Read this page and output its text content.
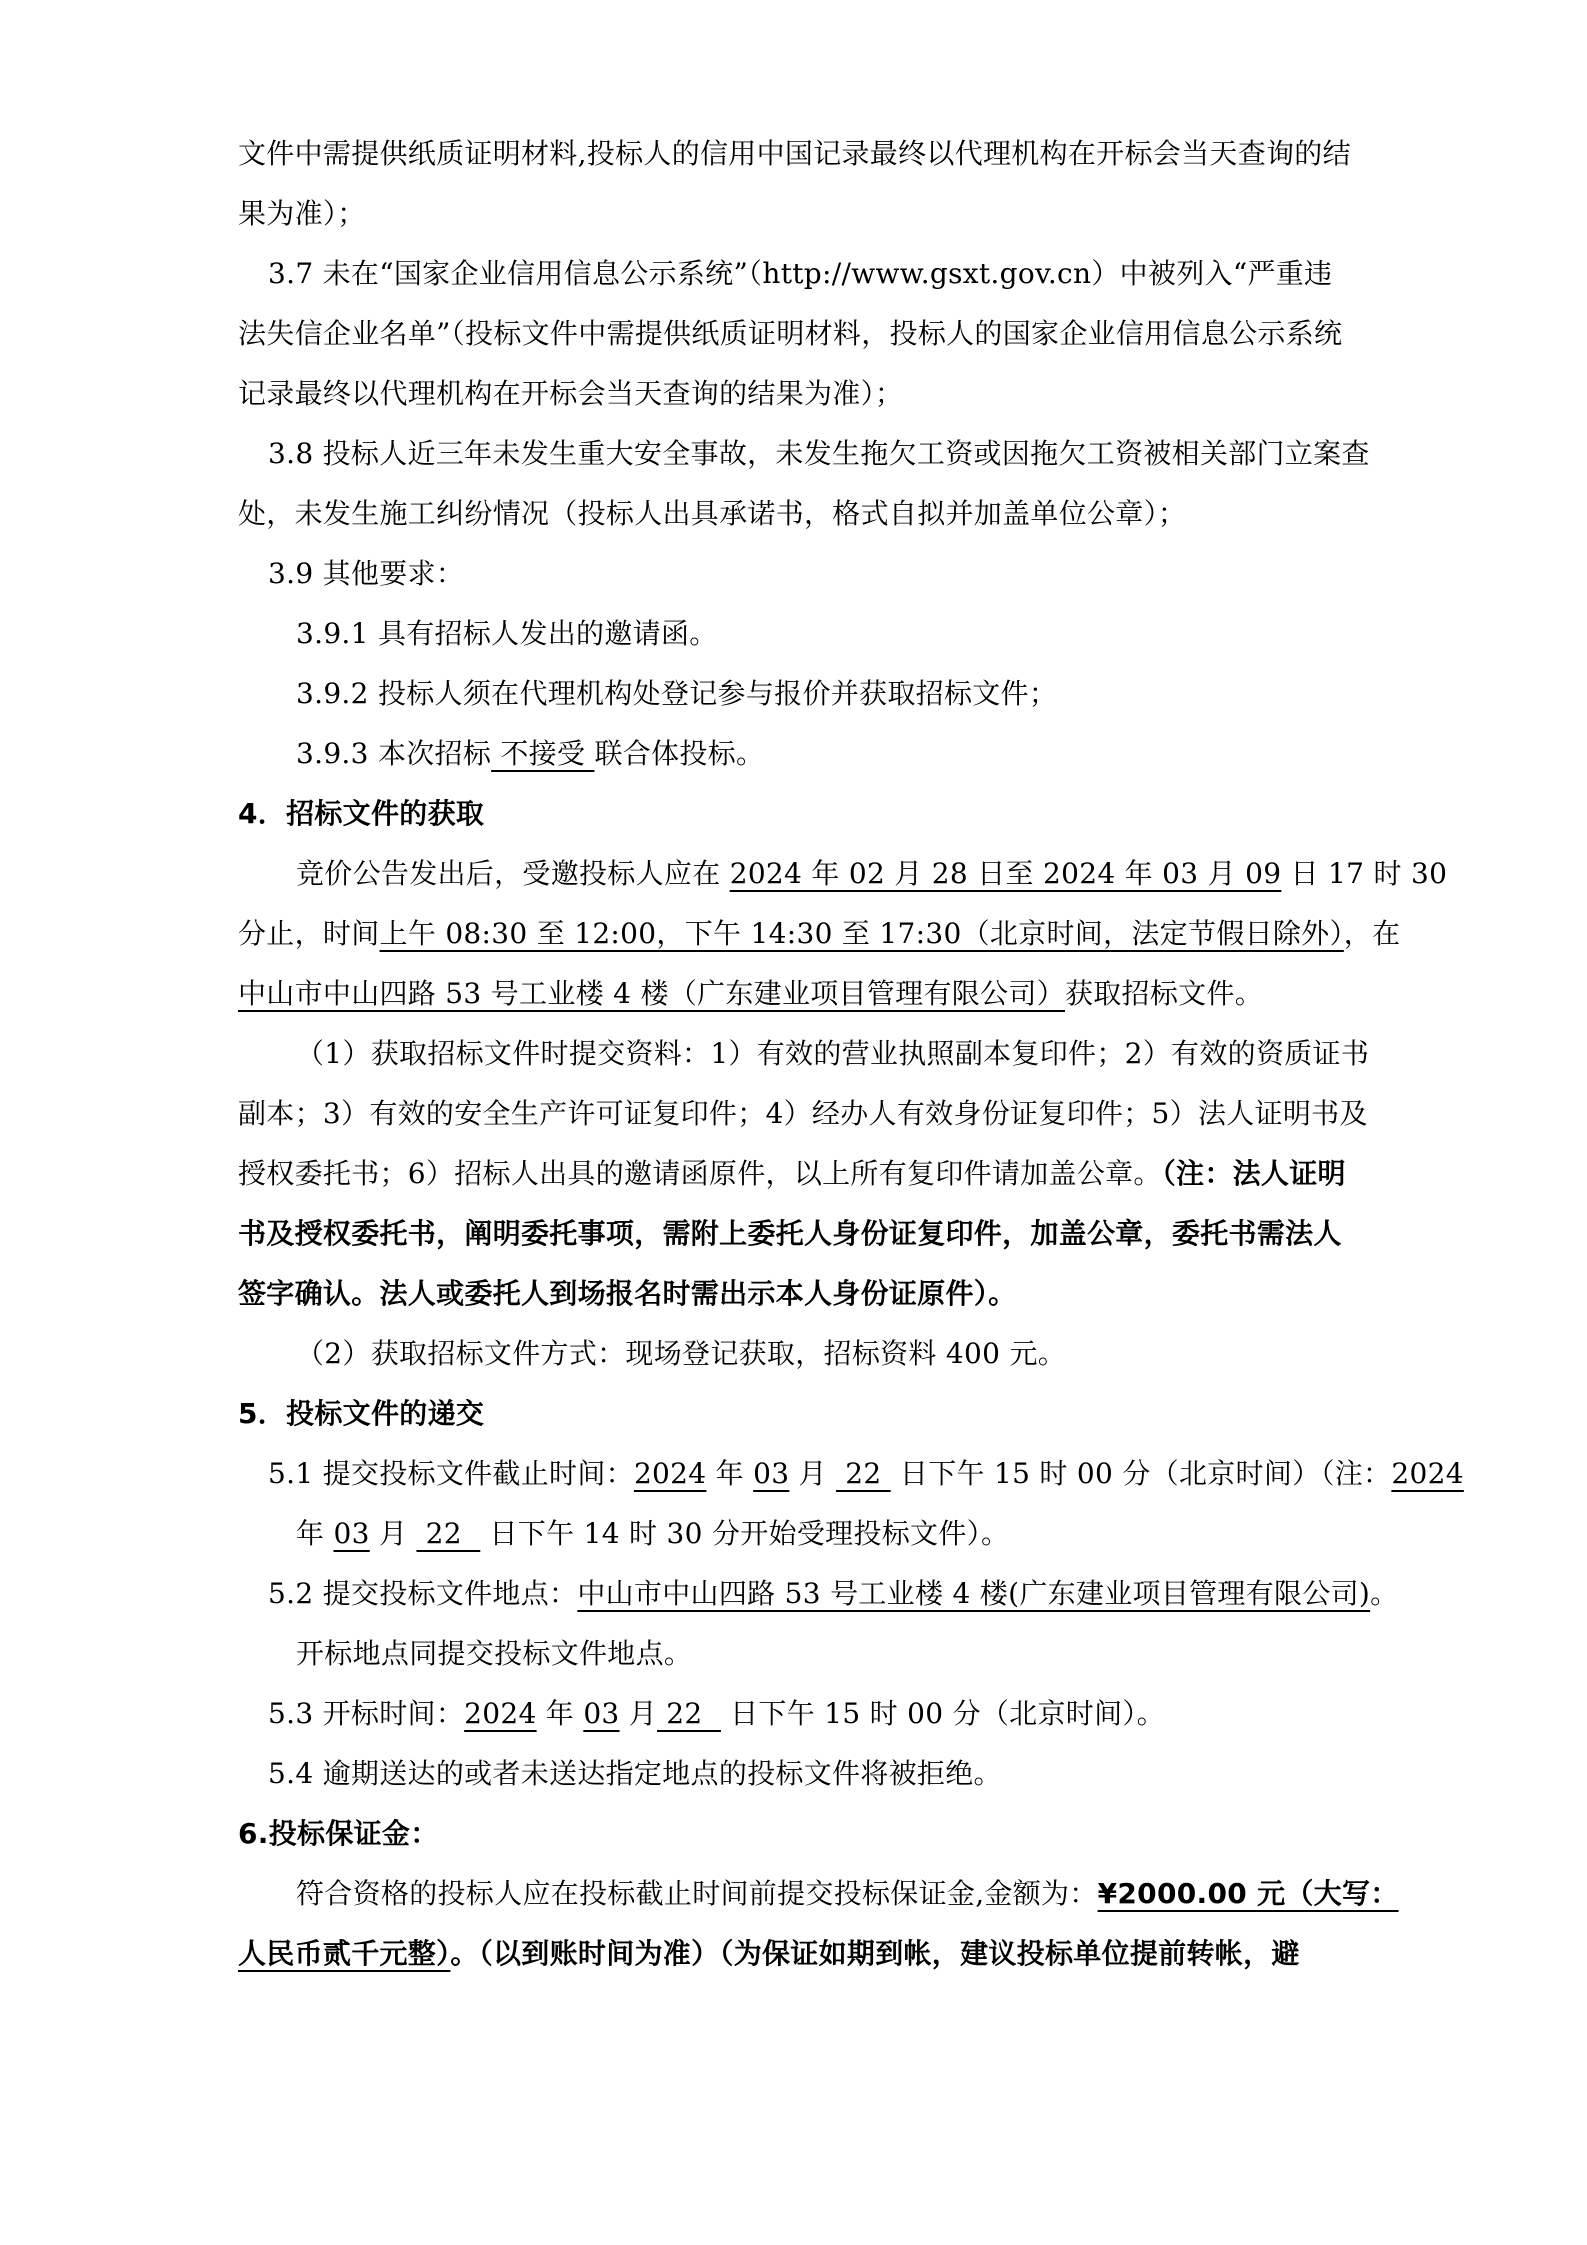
文件中需提供纸质证明材料,投标人的信用中国记录最终以代理机构在开标会当天查询的结
果为准）；
3.7 未在“国家企业信用信息公示系统”（http://www.gsxt.gov.cn）中被列入“严重违
法失信企业名单”（投标文件中需提供纸质证明材料，投标人的国家企业信用信息公示系统
记录最终以代理机构在开标会当天查询的结果为准）；
3.8 投标人近三年未发生重大安全事故，未发生拖欠工资或因拖欠工资被相关部门立案查
处，未发生施工纠纷情况（投标人出具承诺书，格式自拟并加盖单位公章）；
3.9 其他要求：
3.9.1 具有招标人发出的邀请函。
3.9.2 投标人须在代理机构处登记参与报价并获取招标文件；
3.9.3 本次招标 不接受 联合体投标。
4．招标文件的获取
竞价公告发出后，受邀投标人应在 2024 年 02 月 28 日至 2024 年 03 月 09 日 17 时 30
分止，时间上午 08:30 至 12:00，下午 14:30 至 17:30（北京时间，法定节假日除外），在
中山市中山四路 53 号工业楼 4 楼（广东建业项目管理有限公司）获取招标文件。
（1）获取招标文件时提交资料：1）有效的营业执照副本复印件；2）有效的资质证书
副本；3）有效的安全生产许可证复印件；4）经办人有效身份证复印件；5）法人证明书及
授权委托书；6）招标人出具的邀请函原件，以上所有复印件请加盖公章。（注：法人证明
书及授权委托书，阐明委托事项，需附上委托人身份证复印件，加盖公章，委托书需法人
签字确认。法人或委托人到场报名时需出示本人身份证原件）。
（2）获取招标文件方式：现场登记获取，招标资料 400 元。
5．投标文件的递交
5.1 提交投标文件截止时间：2024 年 03 月  22  日下午 15 时 00 分（北京时间）（注：2024
年 03 月  22   日下午 14 时 30 分开始受理投标文件）。
5.2 提交投标文件地点：中山市中山四路 53 号工业楼 4 楼(广东建业项目管理有限公司)。
开标地点同提交投标文件地点。
5.3 开标时间：2024 年 03 月 22   日下午 15 时 00 分（北京时间）。
5.4 逾期送达的或者未送达指定地点的投标文件将被拒绝。
6.投标保证金：
符合资格的投标人应在投标截止时间前提交投标保证金,金额为：¥2000.00 元（大写：
人民币贰千元整）。（以到账时间为准）（为保证如期到帐，建议投标单位提前转帐，避
